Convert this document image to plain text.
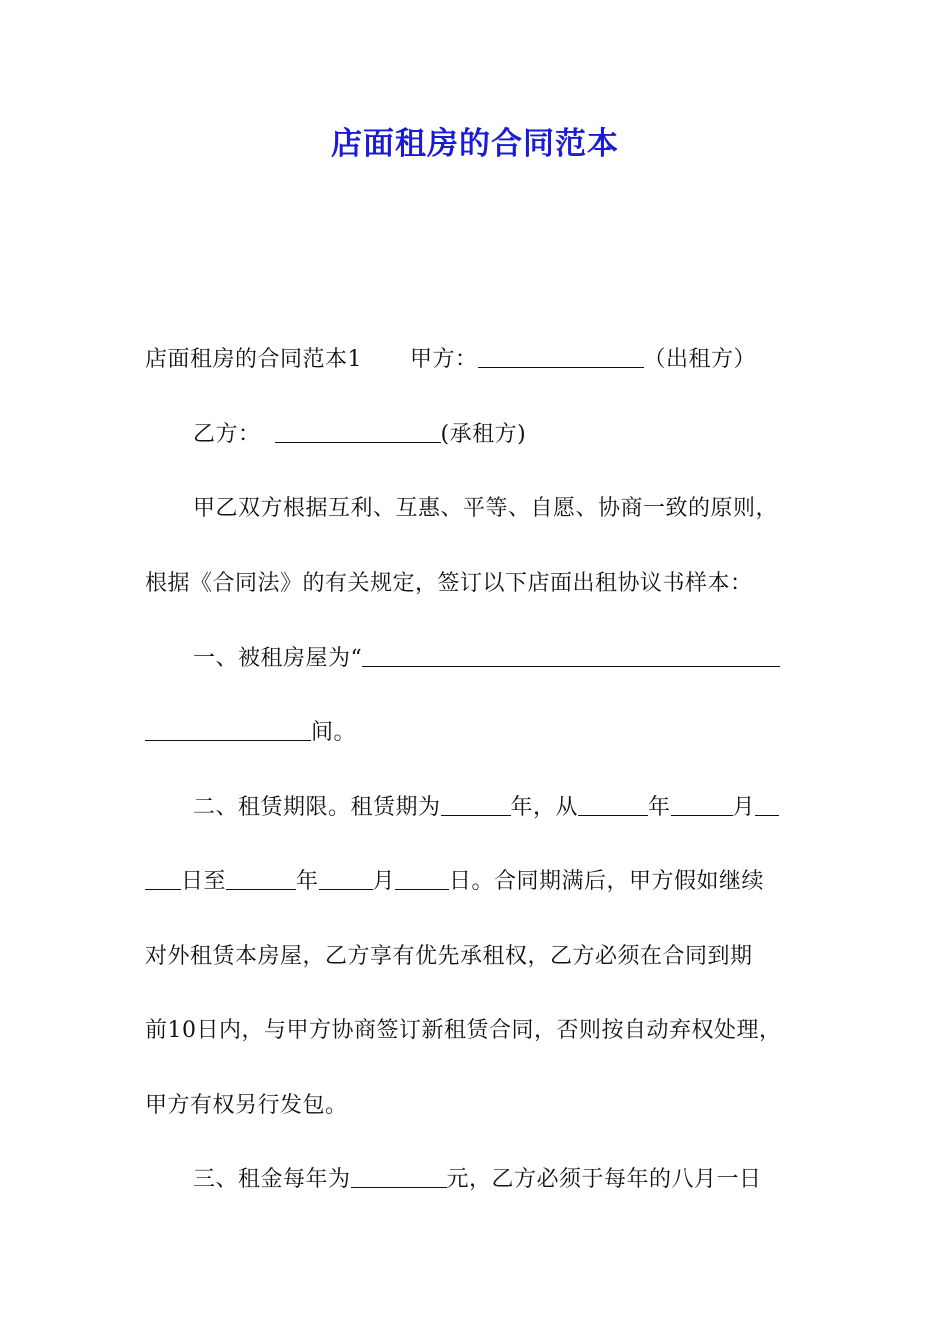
店面租房的合同范本
店面租房的合同范本1 甲方：	（出租方）
乙方：	(承租方)
甲乙双方根据互利、互惠、平等、自愿、协商一致的原则，
根据《合同法》的有关规定，签订以下店面出租协议书样本：
一、被租房屋为“
间。
二、租赁期限。租赁期为	年，从	年	月
日至	年 月 日。合同期满后，甲方假如继续
对外租赁本房屋，乙方享有优先承租权，乙方必须在合同到期
前10日内，与甲方协商签订新租赁合同，否则按自动弃权处理，
甲方有权另行发包。
三、租金每年为	元，乙方必须于每年的八月一日
